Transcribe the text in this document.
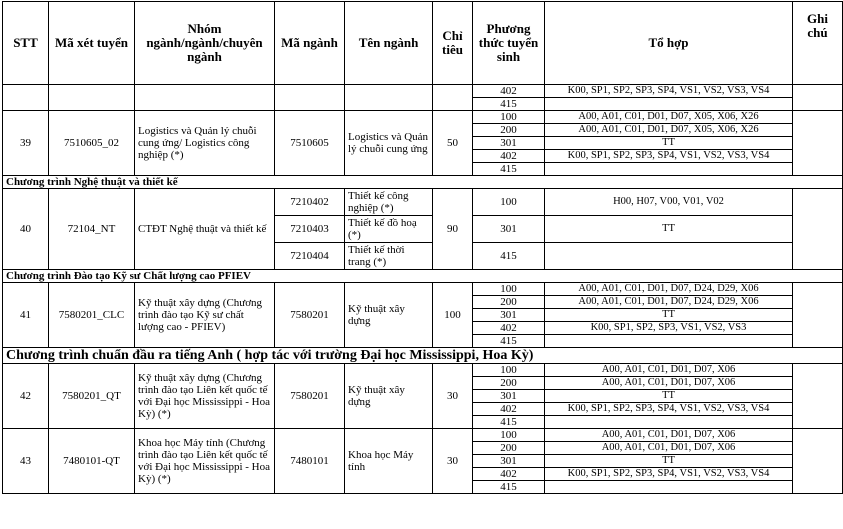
STT	Mã xét tuyển	Nhóm ngành/ngành/chuyên ngành	Mã ngành	Tên ngành	Chỉ tiêu	Phương thức tuyển sinh	Tổ hợp	Ghi chú
						402	K00, SP1, SP2, SP3, SP4, VS1, VS2, VS3, VS4	
						415		
39	7510605_02	Logistics và Quản lý chuỗi cung ứng/ Logistics công nghiệp (*)	7510605	Logistics và Quản lý chuỗi cung ứng	50	100	A00, A01, C01, D01, D07, X05, X06, X26	
						200	A00, A01, C01, D01, D07, X05, X06, X26	
						301	TT	
						402	K00, SP1, SP2, SP3, SP4, VS1, VS2, VS3, VS4	
						415		
Chương trình Nghệ thuật và thiết kế								
40	72104_NT	CTĐT Nghệ thuật và thiết kế	7210402	Thiết kế công nghiệp (*)	90	100	H00, H07, V00, V01, V02	
			7210403	Thiết kế đồ hoạ (*)		301	TT	
			7210404	Thiết kế thời trang (*)		415		
Chương trình Đào tạo Kỹ sư Chất lượng cao PFIEV								
41	7580201_CLC	Kỹ thuật xây dựng (Chương trình đào tạo Kỹ sư chất lượng cao - PFIEV)	7580201	Kỹ thuật xây dựng	100	100	A00, A01, C01, D01, D07, D24, D29, X06	
						200	A00, A01, C01, D01, D07, D24, D29, X06	
						301	TT	
						402	K00, SP1, SP2, SP3, VS1, VS2, VS3	
						415		
Chương trình chuẩn đầu ra tiếng Anh ( hợp tác với trường Đại học Mississippi, Hoa Kỳ)								
42	7580201_QT	Kỹ thuật xây dựng (Chương trình đào tạo Liên kết quốc tế với Đại học Mississippi - Hoa Kỳ) (*)	7580201	Kỹ thuật xây dựng	30	100	A00, A01, C01, D01, D07, X06	
						200	A00, A01, C01, D01, D07, X06	
						301	TT	
						402	K00, SP1, SP2, SP3, SP4, VS1, VS2, VS3, VS4	
						415		
43	7480101-QT	Khoa học Máy tính (Chương trình đào tạo Liên kết quốc tế với Đại học Mississippi - Hoa Kỳ) (*)	7480101	Khoa học Máy tính	30	100	A00, A01, C01, D01, D07, X06	
						200	A00, A01, C01, D01, D07, X06	
						301	TT	
						402	K00, SP1, SP2, SP3, SP4, VS1, VS2, VS3, VS4	
						415		
